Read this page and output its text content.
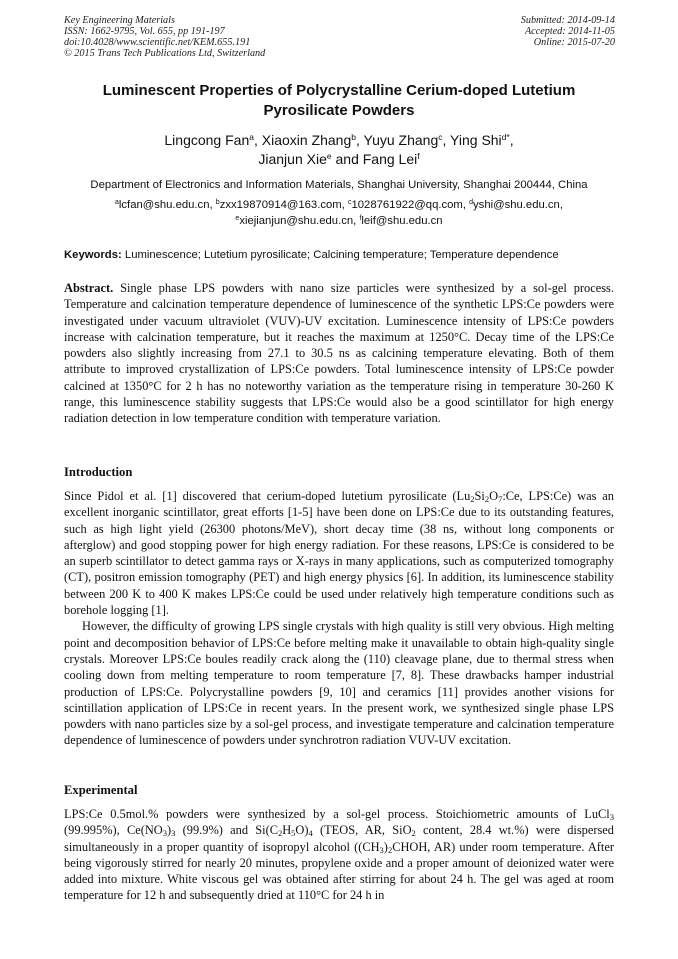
Key Engineering Materials
ISSN: 1662-9795, Vol. 655, pp 191-197
doi:10.4028/www.scientific.net/KEM.655.191
© 2015 Trans Tech Publications Ltd, Switzerland
Submitted: 2014-09-14
Accepted: 2014-11-05
Online: 2015-07-20
Luminescent Properties of Polycrystalline Cerium-doped Lutetium
Pyrosilicate Powders
Lingcong Fan$^a$, Xiaoxin Zhang$^b$, Yuyu Zhang$^c$, Ying Shi$^{d*}$,
Jianjun Xie$^e$ and Fang Lei$^f$
Department of Electronics and Information Materials, Shanghai University, Shanghai 200444, China
$^a$lcfan@shu.edu.cn, $^b$zxx19870914@163.com, $^c$1028761922@qq.com, $^d$yshi@shu.edu.cn,
$^e$xiejianjun@shu.edu.cn, $^f$leif@shu.edu.cn
Keywords: Luminescence; Lutetium pyrosilicate; Calcining temperature; Temperature dependence

Abstract. Single phase LPS powders with nano size particles were synthesized by a sol-gel process. Temperature and calcination temperature dependence of luminescence of the synthetic LPS:Ce powders were investigated under vacuum ultraviolet (VUV)-UV excitation. Luminescence intensity of LPS:Ce powders increase with calcination temperature, but it reaches the maximum at 1250°C. Decay time of the LPS:Ce powders also slightly increasing from 27.1 to 30.5 ns as calcining temperature elevating. Both of them attribute to improved crystallization of LPS:Ce powders. Total luminescence intensity of LPS:Ce powder calcined at 1350°C for 2 h has no noteworthy variation as the temperature rising in temperature 30-260 K range, this luminescence stability suggests that LPS:Ce would also be a good scintillator for high energy radiation detection in low temperature condition with temperature variation.

Introduction

Since Pidol et al. [1] discovered that cerium-doped lutetium pyrosilicate ($Lu_2Si_2O_7:Ce$, LPS:Ce) was an excellent inorganic scintillator, great efforts [1-5] have been done on LPS:Ce due to its outstanding features, such as high light yield (26300 photons/MeV), short decay time (38 ns, without long components or afterglow) and good stopping power for high energy radiation. For these reasons, LPS:Ce is considered to be an superb scintillator to detect gamma rays or X-rays in many applications, such as computerized tomography (CT), positron emission tomography (PET) and high energy physics [6]. In addition, its luminescence stability between 200 K to 400 K makes LPS:Ce could be used under relatively high temperature conditions such as borehole logging [1].

However, the difficulty of growing LPS single crystals with high quality is still very obvious. High melting point and decomposition behavior of LPS:Ce before melting make it unavailable to obtain high-quality single crystals. Moreover LPS:Ce boules readily crack along the (110) cleavage plane, due to thermal stress when cooling down from melting temperature to room temperature [7, 8]. These drawbacks hamper industrial production of LPS:Ce. Polycrystalline powders [9, 10] and ceramics [11] provides another visions for scintillation application of LPS:Ce in recent years. In the present work, we synthesized single phase LPS powders with nano particles size by a sol-gel process, and investigate temperature and calcination temperature dependence of luminescence of powders under synchrotron radiation VUV-UV excitation.

Experimental

LPS:Ce 0.5mol.% powders were synthesized by a sol-gel process. Stoichiometric amounts of LuCl$_3$ (99.995%), $Ce(NO_3)_3$ (99.9%) and $Si(C_2H_5O)_4$ (TEOS, AR, SiO$_2$ content, 28.4 wt.%) were dispersed simultaneously in a proper quantity of isopropyl alcohol ($(CH_3)_2CHOH$, AR) under room temperature. After being vigorously stirred for nearly 20 minutes, propylene oxide and a proper amount of deionized water were added into mixture. White viscous gel was obtained after stirring for about 24 h. The gel was aged at room temperature for 12 h and subsequently dried at 110°C for 24 h in
